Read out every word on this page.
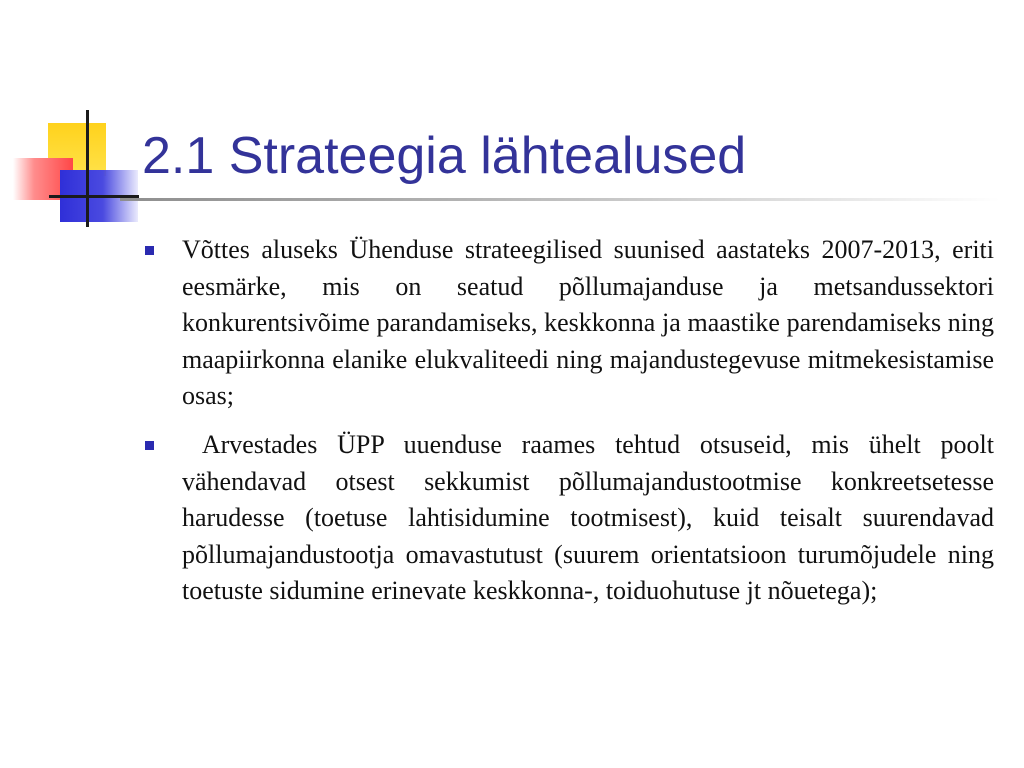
2.1 Strateegia lähtealused

Võttes aluseks Ühenduse strateegilised suunised aastateks 2007-2013, eriti eesmärke, mis on seatud põllumajanduse ja metsandussektori konkurentsivõime parandamiseks, keskkonna ja maastike parendamiseks ning maapiirkonna elanike elukvaliteedi ning majandustegevuse mitmekesistamise osas;

Arvestades ÜPP uuenduse raames tehtud otsuseid, mis ühelt poolt vähendavad otsest sekkumist põllumajandustootmise konkreetsetesse harudesse (toetuse lahtisidumine tootmisest), kuid teisalt suurendavad põllumajandustootja omavastutust (suurem orientatsioon turumõjudele ning toetuste sidumine erinevate keskkonna-, toiduohutuse jt nõuetega);
